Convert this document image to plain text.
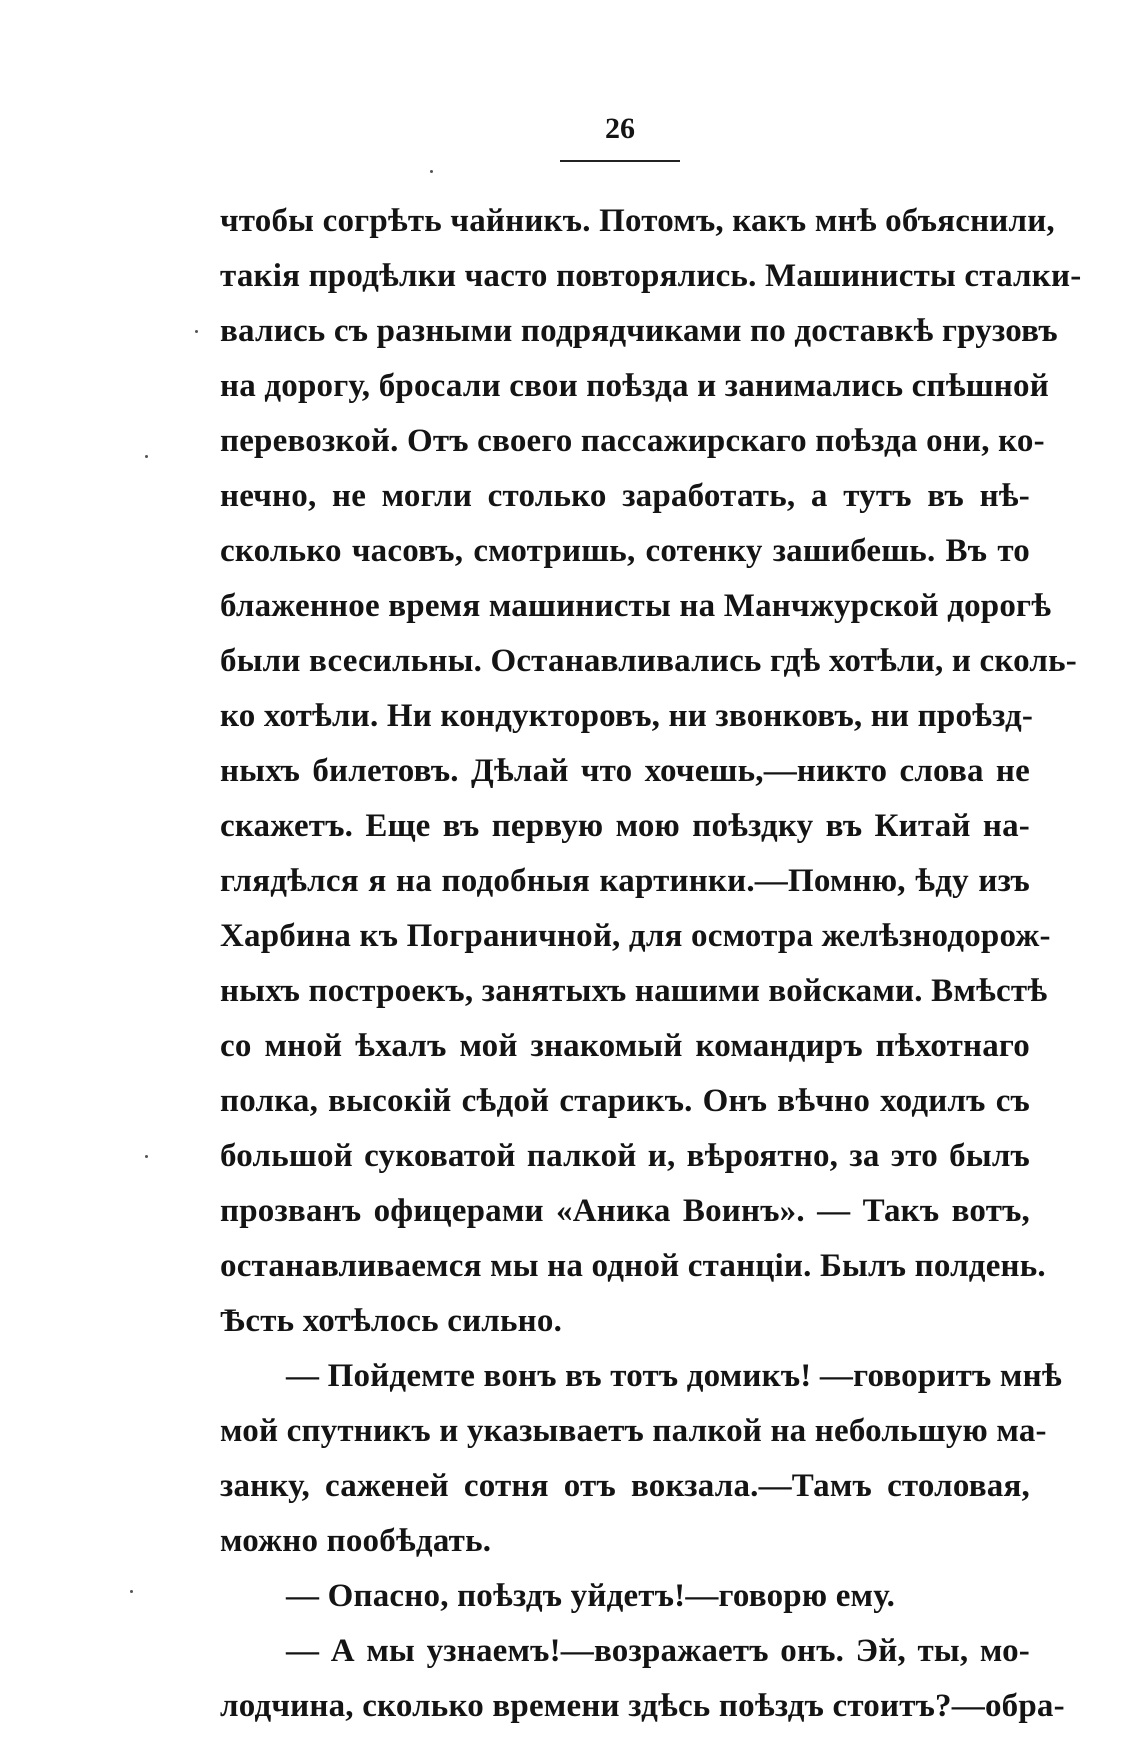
26
чтобы согрѣть чайникъ. Потомъ, какъ мнѣ объяснили,
такія продѣлки часто повторялись. Машинисты сталки-
вались съ разными подрядчиками по доставкѣ грузовъ
на дорогу, бросали свои поѣзда и занимались спѣшной
перевозкой. Отъ своего пассажирскаго поѣзда они, ко-
нечно, не могли столько заработать, а тутъ въ нѣ-
сколько часовъ, смотришь, сотенку зашибешь. Въ то
блаженное время машинисты на Манчжурской дорогѣ
были всесильны. Останавливались гдѣ хотѣли, и сколь-
ко хотѣли. Ни кондукторовъ, ни звонковъ, ни проѣзд-
ныхъ билетовъ. Дѣлай что хочешь,—никто слова не
скажетъ. Еще въ первую мою поѣздку въ Китай на-
глядѣлся я на подобныя картинки.—Помню, ѣду изъ
Харбина къ Пограничной, для осмотра желѣзнодорож-
ныхъ построекъ, занятыхъ нашими войсками. Вмѣстѣ
со мной ѣхалъ мой знакомый командиръ пѣхотнаго
полка, высокій сѣдой старикъ. Онъ вѣчно ходилъ съ
большой суковатой палкой и, вѣроятно, за это былъ
прозванъ офицерами «Аника Воинъ». — Такъ вотъ,
останавливаемся мы на одной станціи. Былъ полдень.
Ѣсть хотѣлось сильно.
— Пойдемте вонъ въ тотъ домикъ! —говоритъ мнѣ
мой спутникъ и указываетъ палкой на небольшую ма-
занку, саженей сотня отъ вокзала.—Тамъ столовая,
можно пообѣдать.
— Опасно, поѣздъ уйдетъ!—говорю ему.
— А мы узнаемъ!—возражаетъ онъ. Эй, ты, мо-
лодчина, сколько времени здѣсь поѣздъ стоитъ?—обра-
